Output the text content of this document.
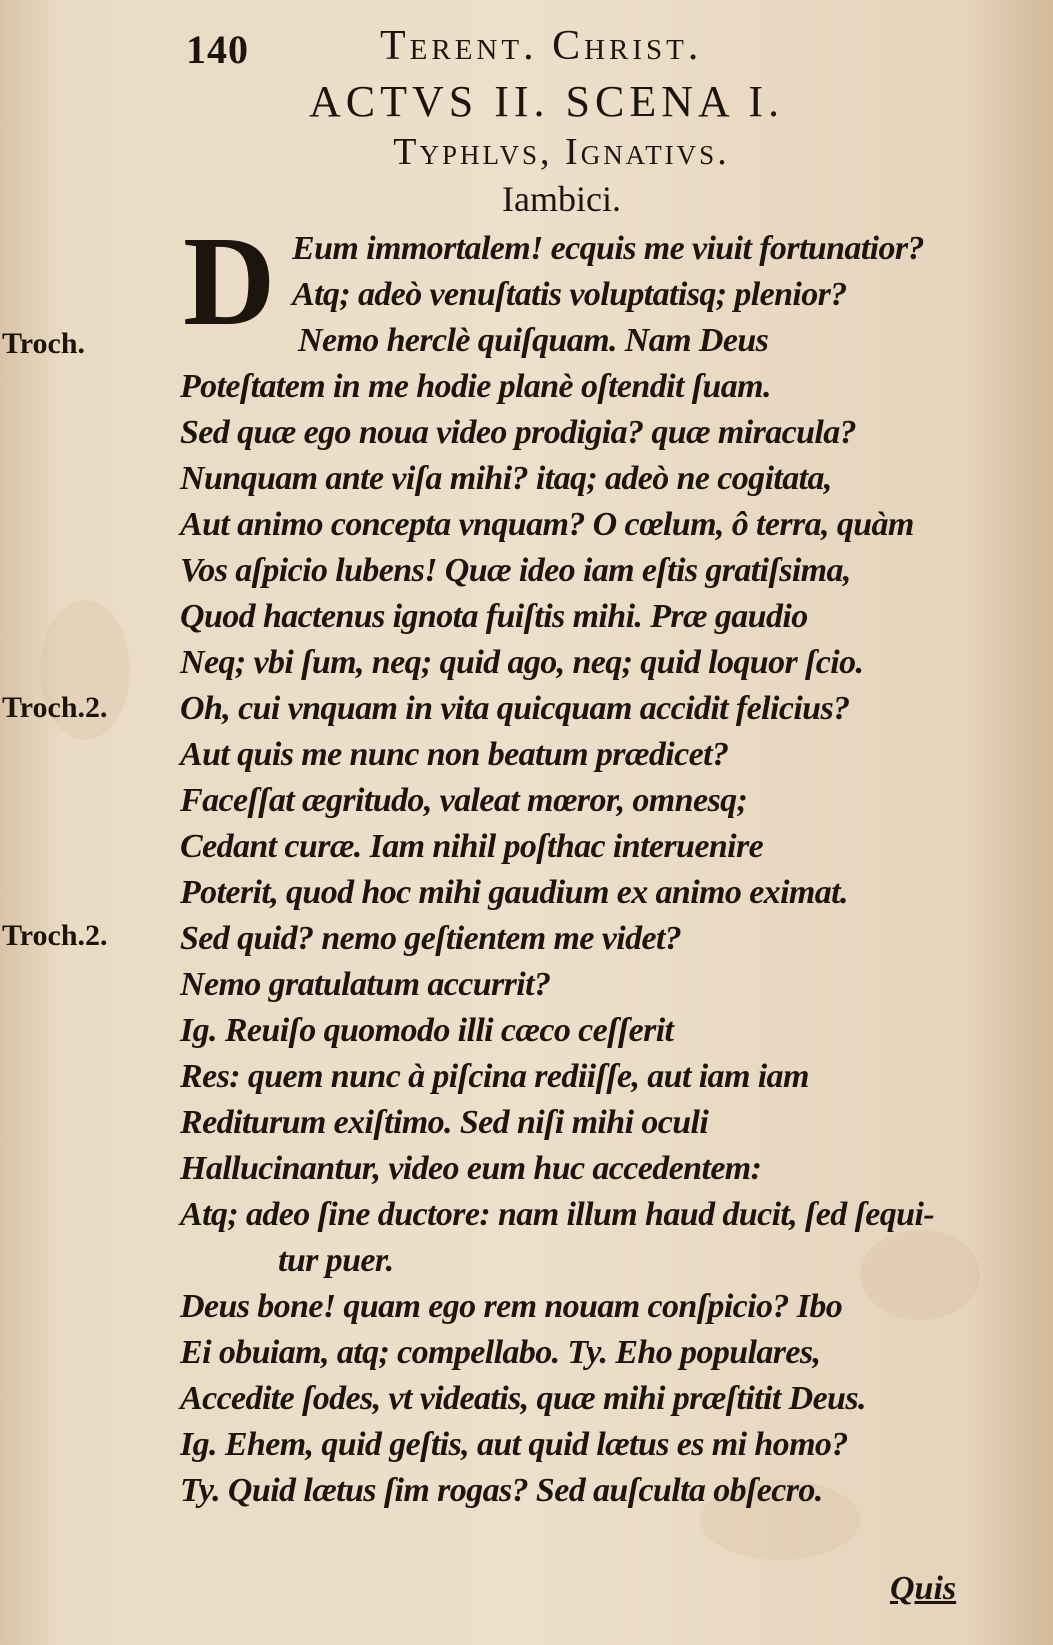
140	Terent. Christ.
ACTVS II. SCENA I.
Typhlvs, Ignativs.
Iambici.
D
Troch.
Troch.2.
Troch.2.
Eum immortalem! ecquis me viuit fortunatior?
Atq; adeò venuſtatis voluptatisq; plenior?
Nemo herclè quiſquam. Nam Deus
Poteſtatem in me hodie planè oſtendit ſuam.
Sed quæ ego noua video prodigia? quæ miracula?
Nunquam ante viſa mihi? itaq; adeò ne cogitata,
Aut animo concepta vnquam? O cœlum, ô terra, quàm
Vos aſpicio lubens! Quæ ideo iam eſtis gratiſsima,
Quod hactenus ignota fuiſtis mihi. Præ gaudio
Neq; vbi ſum, neq; quid ago, neq; quid loquor ſcio.
Oh, cui vnquam in vita quicquam accidit felicius?
Aut quis me nunc non beatum prædicet?
Faceſſat ægritudo, valeat mœror, omnesq;
Cedant curæ. Iam nihil poſthac interuenire
Poterit, quod hoc mihi gaudium ex animo eximat.
Sed quid? nemo geſtientem me videt?
Nemo gratulatum accurrit?
Ig. Reuiſo quomodo illi cæco ceſſerit
Res: quem nunc à piſcina rediiſſe, aut iam iam
Rediturum exiſtimo. Sed niſi mihi oculi
Hallucinantur, video eum huc accedentem:
Atq; adeo ſine ductore: nam illum haud ducit, ſed ſequi-
tur puer.
Deus bone! quam ego rem nouam conſpicio? Ibo
Ei obuiam, atq; compellabo. Ty. Eho populares,
Accedite ſodes, vt videatis, quæ mihi præſtitit Deus.
Ig. Ehem, quid geſtis, aut quid lætus es mi homo?
Ty. Quid lætus ſim rogas? Sed auſculta obſecro.
Quis
